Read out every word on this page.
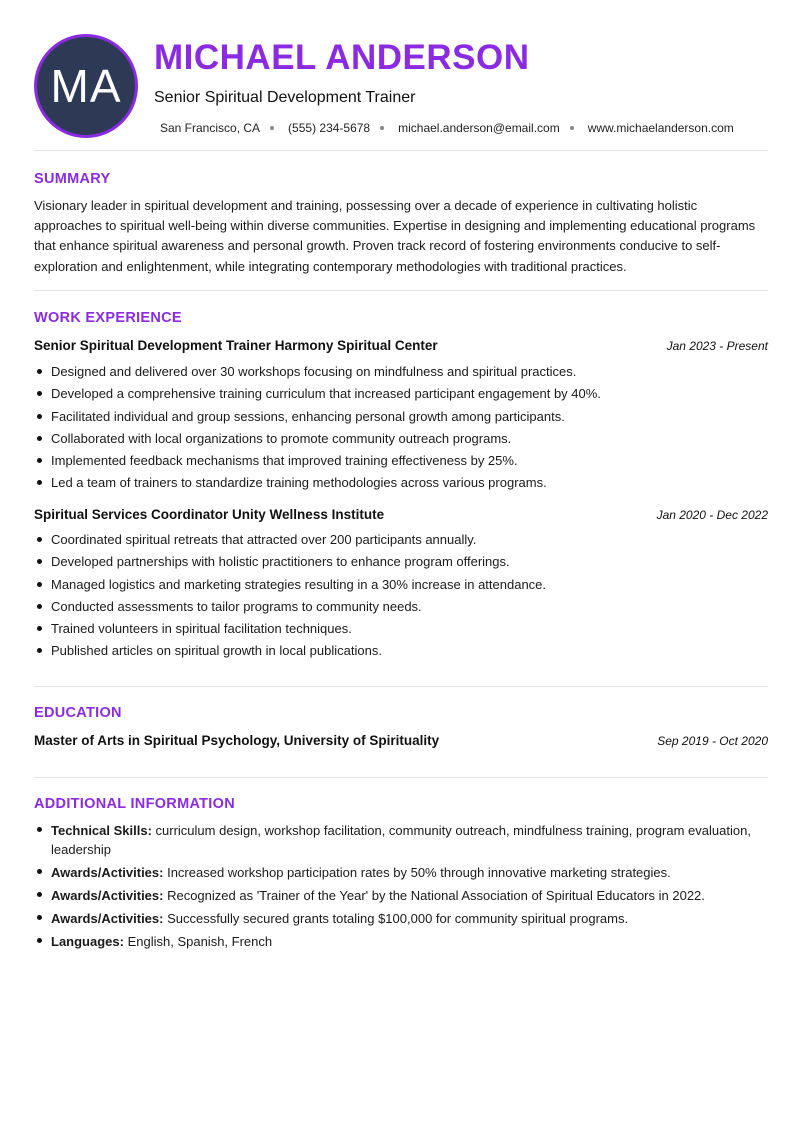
MA
MICHAEL ANDERSON
Senior Spiritual Development Trainer
San Francisco, CA (555) 234-5678 michael.anderson@email.com www.michaelanderson.com
SUMMARY
Visionary leader in spiritual development and training, possessing over a decade of experience in cultivating holistic approaches to spiritual well-being within diverse communities. Expertise in designing and implementing educational programs that enhance spiritual awareness and personal growth. Proven track record of fostering environments conducive to self-exploration and enlightenment, while integrating contemporary methodologies with traditional practices.
WORK EXPERIENCE
Senior Spiritual Development Trainer Harmony Spiritual Center	Jan 2023 - Present
Designed and delivered over 30 workshops focusing on mindfulness and spiritual practices.
Developed a comprehensive training curriculum that increased participant engagement by 40%.
Facilitated individual and group sessions, enhancing personal growth among participants.
Collaborated with local organizations to promote community outreach programs.
Implemented feedback mechanisms that improved training effectiveness by 25%.
Led a team of trainers to standardize training methodologies across various programs.
Spiritual Services Coordinator Unity Wellness Institute	Jan 2020 - Dec 2022
Coordinated spiritual retreats that attracted over 200 participants annually.
Developed partnerships with holistic practitioners to enhance program offerings.
Managed logistics and marketing strategies resulting in a 30% increase in attendance.
Conducted assessments to tailor programs to community needs.
Trained volunteers in spiritual facilitation techniques.
Published articles on spiritual growth in local publications.
EDUCATION
Master of Arts in Spiritual Psychology, University of Spirituality	Sep 2019 - Oct 2020
ADDITIONAL INFORMATION
Technical Skills: curriculum design, workshop facilitation, community outreach, mindfulness training, program evaluation, leadership
Awards/Activities: Increased workshop participation rates by 50% through innovative marketing strategies.
Awards/Activities: Recognized as 'Trainer of the Year' by the National Association of Spiritual Educators in 2022.
Awards/Activities: Successfully secured grants totaling $100,000 for community spiritual programs.
Languages: English, Spanish, French
